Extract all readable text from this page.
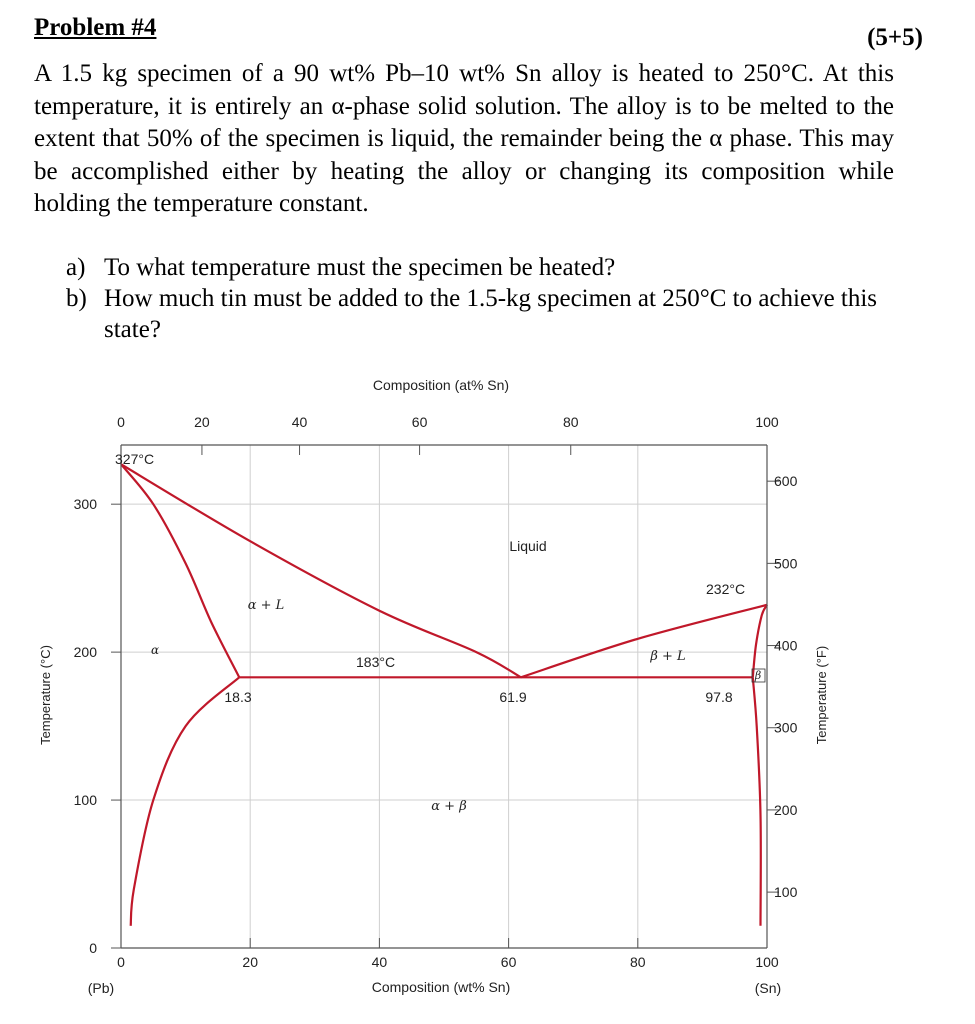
Problem #4	(5+5)

A 1.5 kg specimen of a 90 wt% Pb–10 wt% Sn alloy is heated to 250°C. At this temperature, it is entirely an α-phase solid solution. The alloy is to be melted to the extent that 50% of the specimen is liquid, the remainder being the α phase. This may be accomplished either by heating the alloy or changing its composition while holding the temperature constant.

a) To what temperature must the specimen be heated?
b) How much tin must be added to the 1.5-kg specimen at 250°C to achieve this state?
0	20	40	60	80	100
0	20	40	60	80	100
0
100
200
300
100
200
300
400
500
600
Composition (at% Sn)
Composition (wt% Sn)
Temperature (°C)	Temperature (°F)
(Pb)	(Sn)
327°C
232°C
183°C
18.3	61.9	97.8
Liquid
α + L
β + L
α
β
α + β
